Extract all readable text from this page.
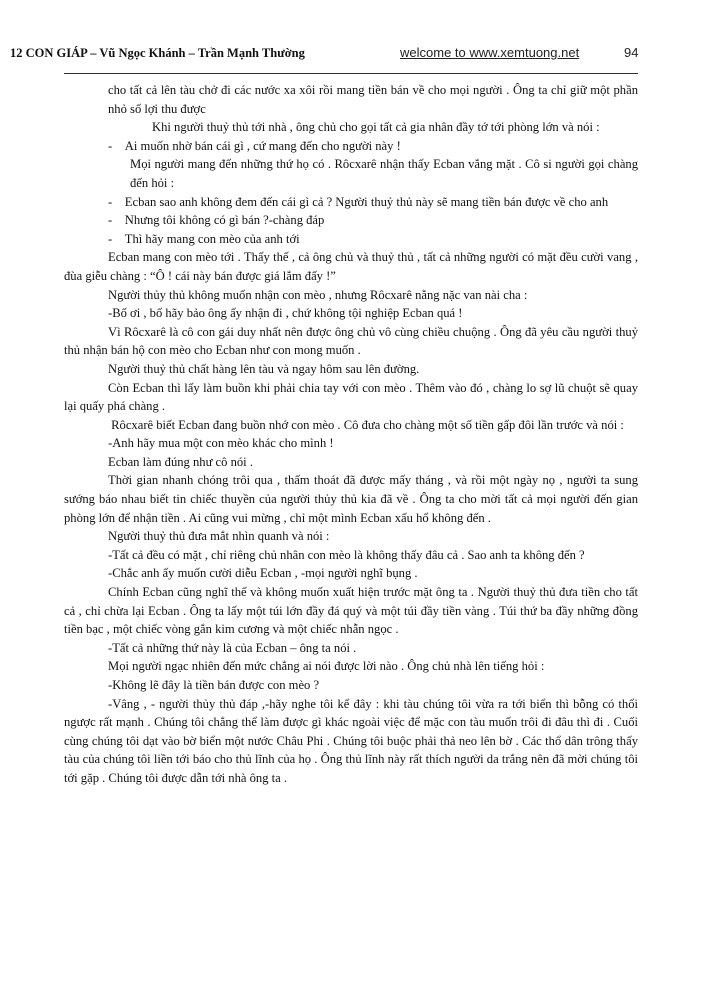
12 CON GIÁP – Vũ Ngọc Khánh – Trần Mạnh Thường	welcome to www.xemtuong.net	94

cho tất cả lên tàu chở đi các nước xa xôi rồi mang tiền bán về cho mọi người . Ông ta chỉ giữ một phần nhỏ số lợi thu được

Khi người thuỷ thủ tới nhà , ông chủ cho gọi tất cả gia nhân đầy tớ tới phòng lớn và nói :

-    Ai muốn nhờ bán cái gì , cứ mang đến cho người này !

Mọi người mang đến những thứ họ có . Rôcxarê nhận thấy Ecban vắng mặt . Cô si người gọi chàng đến hỏi :

-    Ecban sao anh không đem đến cái gì cả ? Người thuỷ thủ này sẽ mang tiền bán được về cho anh

-    Nhưng tôi không có gì bán ?-chàng đáp

-    Thì hãy mang con mèo của anh tới

Ecban mang con mèo tới . Thấy thế , cả ông chủ và thuỷ thủ , tất cả những người có mặt đều cười vang , đùa giễu chàng : “Ô ! cái này bán được giá lắm đấy !”

Người thủy thủ không muốn nhận con mèo , nhưng Rôcxarê nằng nặc van nài cha :

-Bố ơi , bố hãy bảo ông ấy nhận đi , chứ không tội nghiệp Ecban quá !

Vì Rôcxarê là cô con gái duy nhất nên được ông chủ vô cùng chiều chuộng . Ông đã yêu cầu người thuỷ thủ nhận bán hộ con mèo cho Ecban như con mong muốn .

Người thuỷ thủ chất hàng lên tàu và ngay hôm sau lên đường.

Còn Ecban thì lấy làm buồn khi phải chia tay với con mèo . Thêm vào đó , chàng lo sợ lũ chuột sẽ quay lại quấy phá chàng .

Rôcxarê biết Ecban đang buồn nhớ con mèo . Cô đưa cho chàng một số tiền gấp đôi lần trước và nói :

-Anh hãy mua một con mèo khác cho mình !

Ecban làm đúng như cô nói .

Thời gian nhanh chóng trôi qua , thấm thoát đã được mấy tháng , và rồi một ngày nọ , người ta sung sướng báo nhau biết tin chiếc thuyền của người thủy thủ kia đã về . Ông ta cho mời tất cả mọi người đến gian phòng lớn để nhận tiền . Ai cũng vui mừng , chỉ một mình Ecban xấu hổ không đến .

Người thuỷ thủ đưa mắt nhìn quanh và nói :

-Tất cả đều có mặt , chỉ riêng chủ nhân con mèo là không thấy đâu cả . Sao anh ta không đến ?

-Chắc anh ấy muốn cười diễu Ecban , -mọi người nghĩ bụng .

Chính Ecban cũng nghĩ thế và không muốn xuất hiện trước mặt ông ta . Người thuỷ thủ đưa tiền cho tất cả , chỉ chừa lại Ecban . Ông ta lấy một túi lớn đầy đá quý và một túi đầy tiền vàng . Túi thứ ba đầy những đồng tiền bạc , một chiếc vòng gắn kim cương và một chiếc nhẫn ngọc .

-Tất cả những thứ này là của Ecban – ông ta nói .

Mọi người ngạc nhiên đến mức chẳng ai nói được lời nào . Ông chủ nhà lên tiếng hỏi :

-Không lẽ đây là tiền bán được con mèo ?

-Vâng , - người thủy thủ đáp ,-hãy nghe tôi kể đây : khi tàu chúng tôi vừa ra tới biển thì bỗng có thổi ngược rất mạnh . Chúng tôi chẳng thể làm được gì khác ngoài việc để mặc con tàu muốn trôi đi đâu thì đi . Cuối cùng chúng tôi dạt vào bờ biển một nước Châu Phi . Chúng tôi buộc phải thả neo lên bờ . Các thổ dân trông thấy tàu của chúng tôi liền tới báo cho thủ lĩnh của họ . Ông thủ lĩnh này rất thích người da trắng nên đã mời chúng tôi tới gặp . Chúng tôi được dẫn tới nhà ông ta .
